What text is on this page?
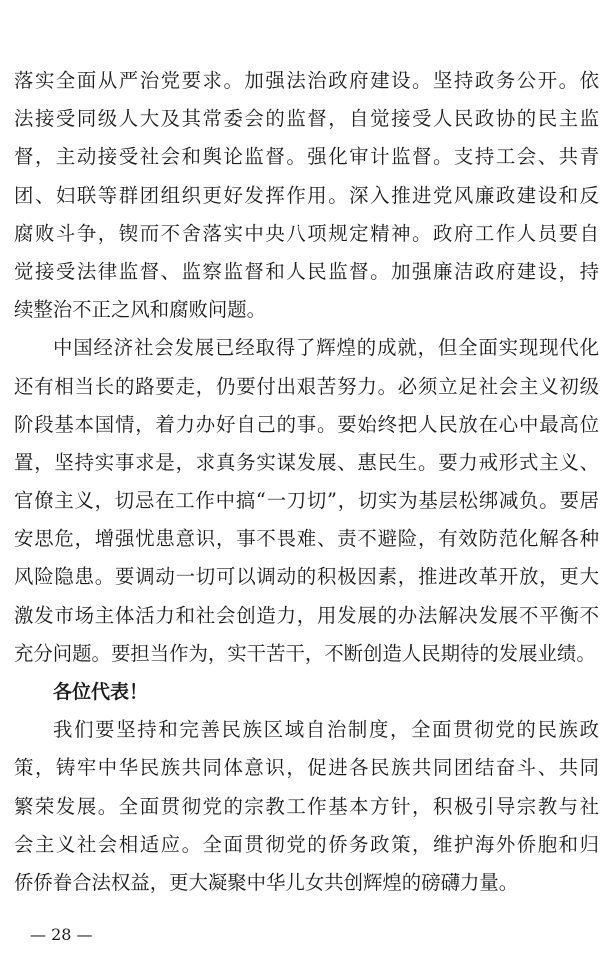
落实全面从严治党要求。加强法治政府建设。坚持政务公开。依
法接受同级人大及其常委会的监督，自觉接受人民政协的民主监
督，主动接受社会和舆论监督。强化审计监督。支持工会、共青
团、妇联等群团组织更好发挥作用。深入推进党风廉政建设和反
腐败斗争，锲而不舍落实中央八项规定精神。政府工作人员要自
觉接受法律监督、监察监督和人民监督。加强廉洁政府建设，持
续整治不正之风和腐败问题。
中国经济社会发展已经取得了辉煌的成就，但全面实现现代化
还有相当长的路要走，仍要付出艰苦努力。必须立足社会主义初级
阶段基本国情，着力办好自己的事。要始终把人民放在心中最高位
置，坚持实事求是，求真务实谋发展、惠民生。要力戒形式主义、
官僚主义，切忌在工作中搞“一刀切”，切实为基层松绑减负。要居
安思危，增强忧患意识，事不畏难、责不避险，有效防范化解各种
风险隐患。要调动一切可以调动的积极因素，推进改革开放，更大
激发市场主体活力和社会创造力，用发展的办法解决发展不平衡不
充分问题。要担当作为，实干苦干，不断创造人民期待的发展业绩。
各位代表！
我们要坚持和完善民族区域自治制度，全面贯彻党的民族政
策，铸牢中华民族共同体意识，促进各民族共同团结奋斗、共同
繁荣发展。全面贯彻党的宗教工作基本方针，积极引导宗教与社
会主义社会相适应。全面贯彻党的侨务政策，维护海外侨胞和归
侨侨眷合法权益，更大凝聚中华儿女共创辉煌的磅礴力量。
— 28 —
